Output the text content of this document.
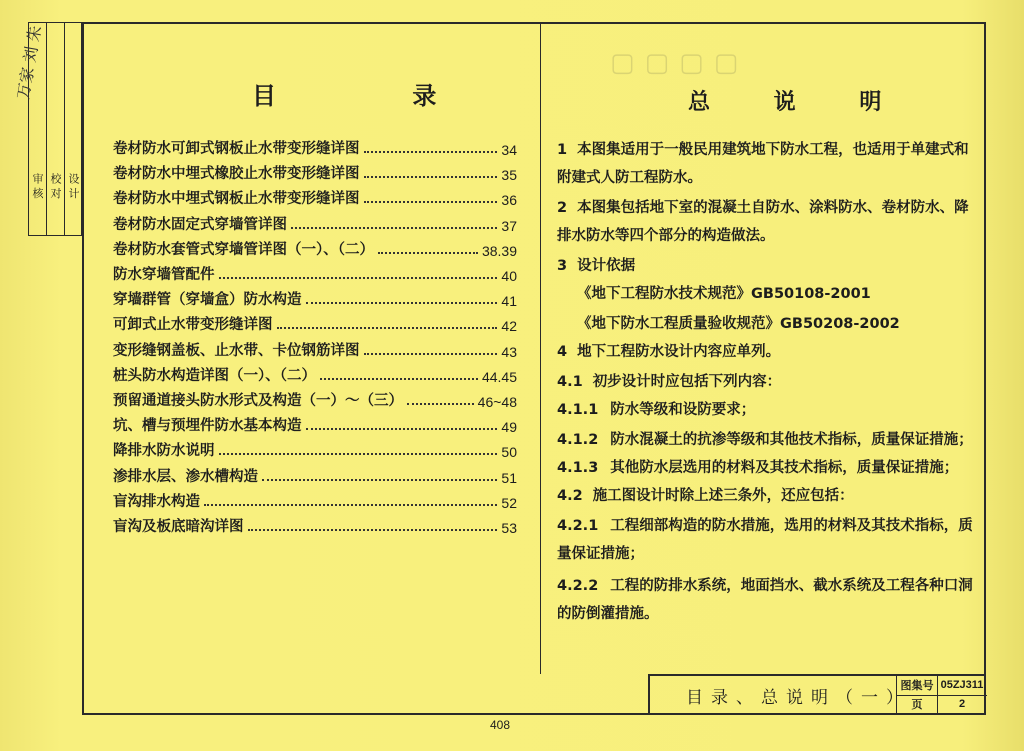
▢▢▢▢
审 核 校 对 设 计
万家 刘 朱	目 录	总 说 明
卷材防水可卸式钢板止水带变形缝详图	34
卷材防水中埋式橡胶止水带变形缝详图	35
卷材防水中埋式钢板止水带变形缝详图	36
卷材防水固定式穿墙管详图	37
卷材防水套管式穿墙管详图（一）、（二）	38.39
防水穿墙管配件	40
穿墙群管（穿墙盒）防水构造	41
可卸式止水带变形缝详图	42
变形缝钢盖板、止水带、卡位钢筋详图	43
桩头防水构造详图（一）、（二）	44.45
预留通道接头防水形式及构造（一）～（三）	46~48
坑、槽与预埋件防水基本构造	49
降排水防水说明	50
渗排水层、渗水槽构造	51
盲沟排水构造	52
盲沟及板底暗沟详图	53
1 本图集适用于一般民用建筑地下防水工程，也适用于单建式和
附建式人防工程防水。
2 本图集包括地下室的混凝土自防水、涂料防水、卷材防水、降
排水防水等四个部分的构造做法。
3 设计依据
《地下工程防水技术规范》GB50108-2001
《地下防水工程质量验收规范》GB50208-2002
4 地下工程防水设计内容应单列。
4.1 初步设计时应包括下列内容：
4.1.1 防水等级和设防要求；
4.1.2 防水混凝土的抗渗等级和其他技术指标，质量保证措施；
4.1.3 其他防水层选用的材料及其技术指标，质量保证措施；
4.2 施工图设计时除上述三条外，还应包括：
4.2.1 工程细部构造的防水措施，选用的材料及其技术指标，质
量保证措施；
4.2.2 工程的防排水系统，地面挡水、截水系统及工程各种口洞
的防倒灌措施。
目录、总说明（一）
图集号 05ZJ311
页	2
408
